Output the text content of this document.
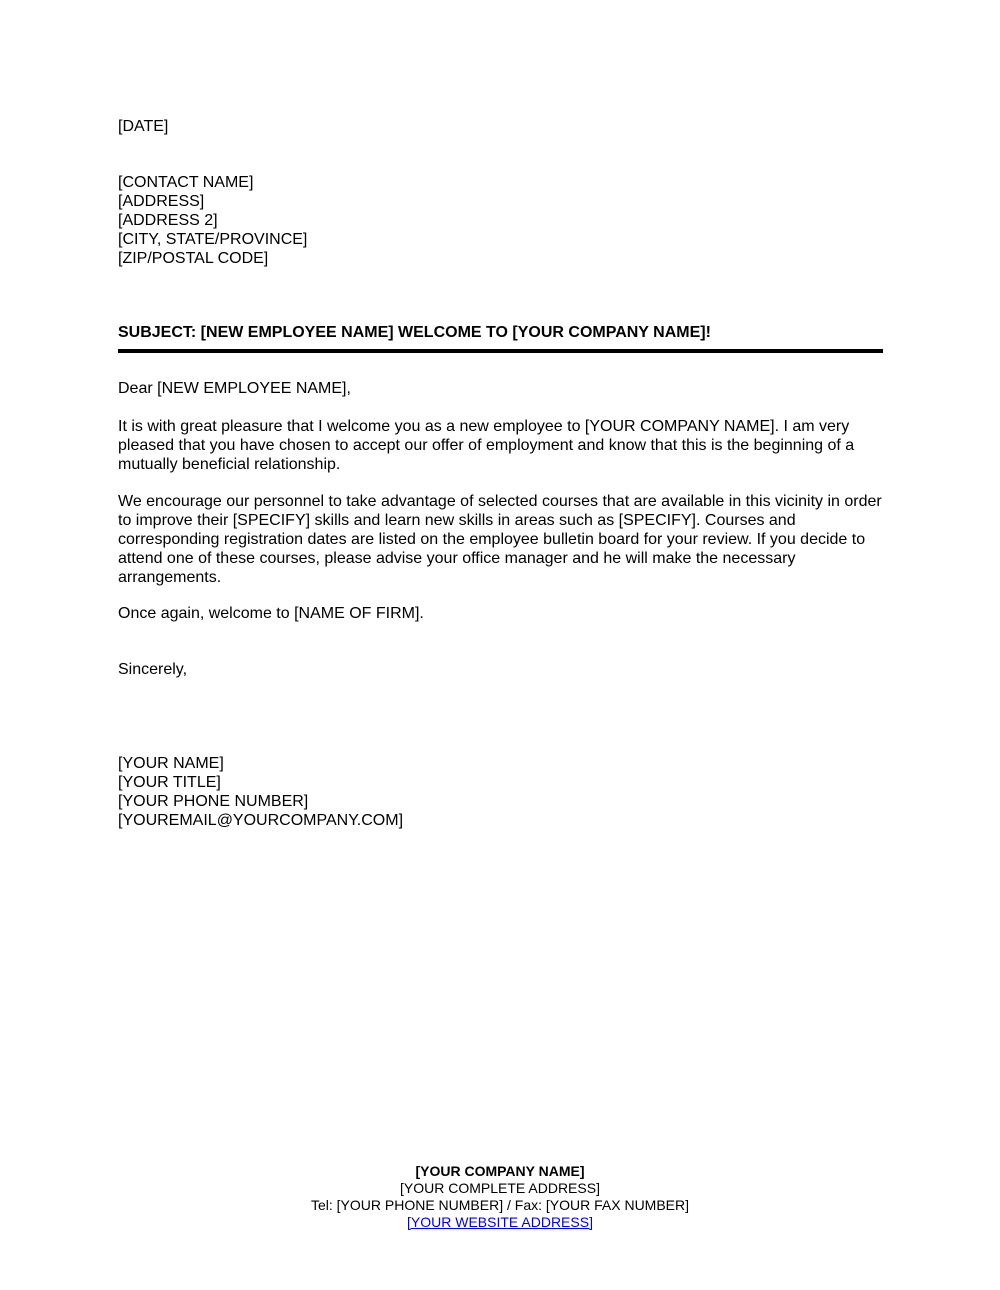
[DATE]
[CONTACT NAME]
[ADDRESS]
[ADDRESS 2]
[CITY, STATE/PROVINCE]
[ZIP/POSTAL CODE]
SUBJECT: [NEW EMPLOYEE NAME] WELCOME TO [YOUR COMPANY NAME]!
Dear [NEW EMPLOYEE NAME],

It is with great pleasure that I welcome you as a new employee to [YOUR COMPANY NAME]. I am very pleased that you have chosen to accept our offer of employment and know that this is the beginning of a mutually beneficial relationship.

We encourage our personnel to take advantage of selected courses that are available in this vicinity in order to improve their [SPECIFY] skills and learn new skills in areas such as [SPECIFY]. Courses and corresponding registration dates are listed on the employee bulletin board for your review. If you decide to attend one of these courses, please advise your office manager and he will make the necessary arrangements.

Once again, welcome to [NAME OF FIRM].

Sincerely,
[YOUR NAME]
[YOUR TITLE]
[YOUR PHONE NUMBER]
[YOUREMAIL@YOURCOMPANY.COM]
[YOUR COMPANY NAME]
[YOUR COMPLETE ADDRESS]
Tel: [YOUR PHONE NUMBER] / Fax: [YOUR FAX NUMBER]
[YOUR WEBSITE ADDRESS]
